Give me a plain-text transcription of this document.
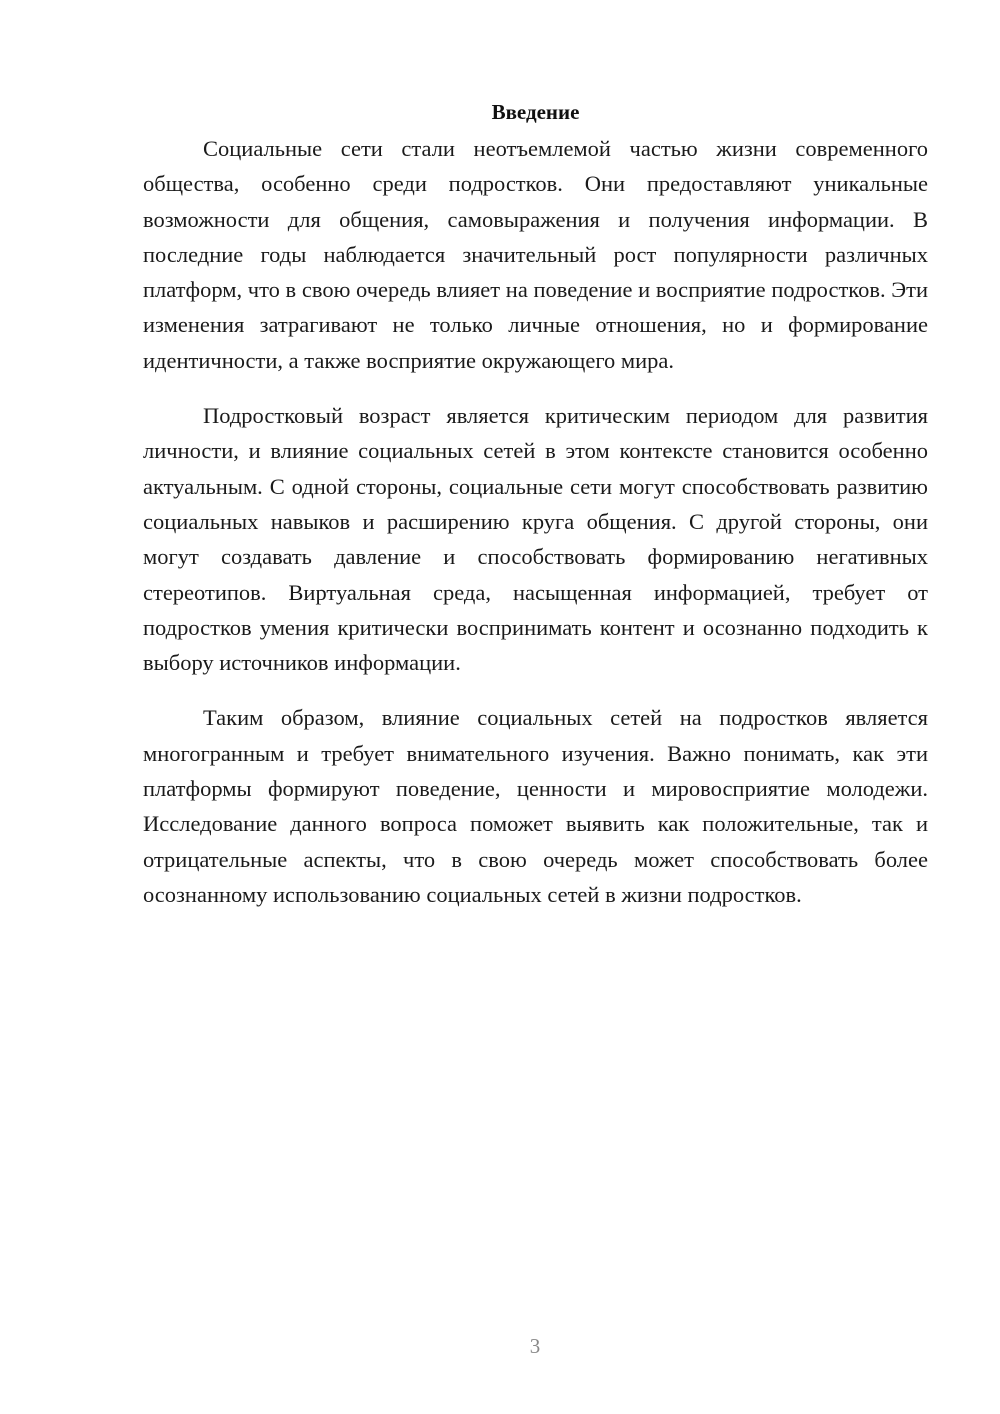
Введение

Социальные сети стали неотъемлемой частью жизни современного общества, особенно среди подростков. Они предоставляют уникальные возможности для общения, самовыражения и получения информации. В последние годы наблюдается значительный рост популярности различных платформ, что в свою очередь влияет на поведение и восприятие подростков. Эти изменения затрагивают не только личные отношения, но и формирование идентичности, а также восприятие окружающего мира.

Подростковый возраст является критическим периодом для развития личности, и влияние социальных сетей в этом контексте становится особенно актуальным. С одной стороны, социальные сети могут способствовать развитию социальных навыков и расширению круга общения. С другой стороны, они могут создавать давление и способствовать формированию негативных стереотипов. Виртуальная среда, насыщенная информацией, требует от подростков умения критически воспринимать контент и осознанно подходить к выбору источников информации.

Таким образом, влияние социальных сетей на подростков является многогранным и требует внимательного изучения. Важно понимать, как эти платформы формируют поведение, ценности и мировосприятие молодежи. Исследование данного вопроса поможет выявить как положительные, так и отрицательные аспекты, что в свою очередь может способствовать более осознанному использованию социальных сетей в жизни подростков.

3
